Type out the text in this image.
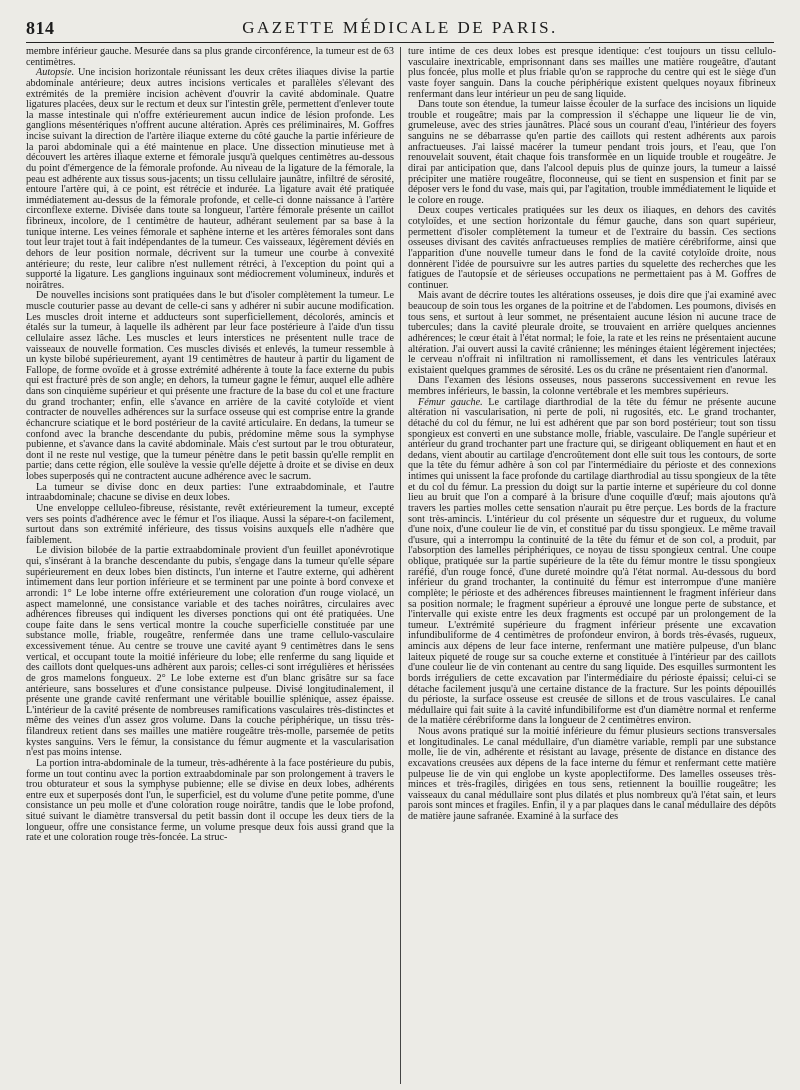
814	GAZETTE MÉDICALE DE PARIS.

membre inférieur gauche. Mesurée dans sa plus grande circonférence, la tumeur est de 63 centimètres.

Autopsie. Une incision horizontale réunissant les deux crêtes iliaques divise la partie abdominale antérieure; deux autres incisions verticales et parallèles s'élevant des extrémités de la première incision achèvent d'ouvrir la cavité abdominale. Quatre ligatures placées, deux sur le rectum et deux sur l'intestin grêle, permettent d'enlever toute la masse intestinale qui n'offre extérieurement aucun indice de lésion profonde. Les ganglions mésentériques n'offrent aucune altération. Après ces préliminaires, M. Goffres incise suivant la direction de l'artère iliaque externe du côté gauche la partie inférieure de la paroi abdominale qui a été maintenue en place. Une dissection minutieuse met à découvert les artères iliaque externe et fémorale jusqu'à quelques centimètres au-dessous du point d'émergence de la fémorale profonde. Au niveau de la ligature de la fémorale, la peau est adhérente aux tissus sous-jacents; un tissu cellulaire jaunâtre, infiltré de sérosité, entoure l'artère qui, à ce point, est rétrécie et indurée. La ligature avait été pratiquée immédiatement au-dessus de la fémorale profonde, et celle-ci donne naissance à l'artère circonflexe externe. Divisée dans toute sa longueur, l'artère fémorale présente un caillot fibrineux, incolore, de 1 centimètre de hauteur, adhérant seulement par sa base à la tunique interne. Les veines fémorale et saphène interne et les artères fémorales sont dans tout leur trajet tout à fait indépendantes de la tumeur. Ces vaisseaux, légèrement déviés en dehors de leur position normale, décrivent sur la tumeur une courbe à convexité antérieure; du reste, leur calibre n'est nullement rétréci, à l'exception du point qui a supporté la ligature. Les ganglions inguinaux sont médiocrement volumineux, indurés et noirâtres.

De nouvelles incisions sont pratiquées dans le but d'isoler complètement la tumeur. Le muscle couturier passe au devant de celle-ci sans y adhérer ni subir aucune modification. Les muscles droit interne et adducteurs sont superficiellement, décolorés, amincis et étalés sur la tumeur, à laquelle ils adhèrent par leur face postérieure à l'aide d'un tissu cellulaire assez lâche. Les muscles et leurs interstices ne présentent nulle trace de vaisseaux de nouvelle formation. Ces muscles divisés et enlevés, la tumeur ressemble à un kyste bilobé supérieurement, ayant 19 centimètres de hauteur à partir du ligament de Fallope, de forme ovoïde et à grosse extrémité adhérente à toute la face externe du pubis qui est fracturé près de son angle; en dehors, la tumeur gagne le fémur, auquel elle adhère dans son cinquième supérieur et qui présente une fracture de la base du col et une fracture du grand trochanter; enfin, elle s'avance en arrière de la cavité cotyloïde et vient contracter de nouvelles adhérences sur la surface osseuse qui est comprise entre la grande échancrure sciatique et le bord postérieur de la cavité articulaire. En dedans, la tumeur se confond avec la branche descendante du pubis, prédomine même sous la symphyse pubienne, et s'avance dans la cavité abdominale. Mais c'est surtout par le trou obturateur, dont il ne reste nul vestige, que la tumeur pénètre dans le petit bassin qu'elle remplit en partie; dans cette région, elle soulève la vessie qu'elle déjette à droite et se divise en deux lobes superposés qui ne contractent aucune adhérence avec le sacrum.

La tumeur se divise donc en deux parties: l'une extraabdominale, et l'autre intraabdominale; chacune se divise en deux lobes.

Une enveloppe celluleo-fibreuse, résistante, revêt extérieurement la tumeur, excepté vers ses points d'adhérence avec le fémur et l'os iliaque. Aussi la sépare-t-on facilement, surtout dans son extrémité inférieure, des tissus voisins auxquels elle n'adhère que faiblement.

Le division bilobée de la partie extraabdominale provient d'un feuillet aponévrotique qui, s'insérant à la branche descendante du pubis, s'engage dans la tumeur qu'elle sépare supérieurement en deux lobes bien distincts, l'un interne et l'autre externe, qui adhèrent intimement dans leur portion inférieure et se terminent par une pointe à bord convexe et arrondi: 1° Le lobe interne offre extérieurement une coloration d'un rouge violacé, un aspect mamelonné, une consistance variable et des taches noirâtres, circulaires avec adhérences fibreuses qui indiquent les diverses ponctions qui ont été pratiquées. Une coupe faite dans le sens vertical montre la couche superficielle constituée par une substance molle, friable, rougeâtre, renfermée dans une trame cellulo-vasculaire excessivement ténue. Au centre se trouve une cavité ayant 9 centimètres dans le sens vertical, et occupant toute la moitié inférieure du lobe; elle renferme du sang liquide et des caillots dont quelques-uns adhèrent aux parois; celles-ci sont irrégulières et hérissées de gros mamelons fongueux. 2° Le lobe externe est d'un blanc grisâtre sur sa face antérieure, sans bosselures et d'une consistance pulpeuse. Divisé longitudinalement, il présente une grande cavité renfermant une véritable bouillie splénique, assez épaisse. L'intérieur de la cavité présente de nombreuses ramifications vasculaires très-distinctes et même des veines d'un assez gros volume. Dans la couche périphérique, un tissu très-filandreux retient dans ses mailles une matière rougeâtre très-molle, parsemée de petits kystes sanguins. Vers le fémur, la consistance du fémur augmente et la vascularisation n'est pas moins intense.

La portion intra-abdominale de la tumeur, très-adhérente à la face postérieure du pubis, forme un tout continu avec la portion extraabdominale par son prolongement à travers le trou obturateur et sous la symphyse pubienne; elle se divise en deux lobes, adhérents entre eux et superposés dont l'un, le superficiel, est du volume d'une petite pomme, d'une consistance un peu molle et d'une coloration rouge noirâtre, tandis que le lobe profond, situé suivant le diamètre transversal du petit bassin dont il occupe les deux tiers de la longueur, offre une consistance ferme, un volume presque deux fois aussi grand que la rate et une coloration rouge très-foncée. La struc-

ture intime de ces deux lobes est presque identique: c'est toujours un tissu cellulo-vasculaire inextricable, emprisonnant dans ses mailles une matière rougeâtre, d'autant plus foncée, plus molle et plus friable qu'on se rapproche du centre qui est le siège d'un vaste foyer sanguin. Dans la couche périphérique existent quelques noyaux fibrineux renfermant dans leur intérieur un peu de sang liquide.

Dans toute son étendue, la tumeur laisse écouler de la surface des incisions un liquide trouble et rougeâtre; mais par la compression il s'échappe une liqueur lie de vin, grumeleuse, avec des stries jaunâtres. Placé sous un courant d'eau, l'intérieur des foyers sanguins ne se débarrasse qu'en partie des caillots qui restent adhérents aux parois anfractueuses. J'ai laissé macérer la tumeur pendant trois jours, et l'eau, que l'on renouvelait souvent, était chaque fois transformée en un liquide trouble et rougeâtre. Je dirai par anticipation que, dans l'alcool depuis plus de quinze jours, la tumeur a laissé précipiter une matière rougeâtre, floconneuse, qui se tient en suspension et finit par se déposer vers le fond du vase, mais qui, par l'agitation, trouble immédiatement le liquide et le colore en rouge.

Deux coupes verticales pratiquées sur les deux os iliaques, en dehors des cavités cotyloïdes, et une section horizontale du fémur gauche, dans son quart supérieur, permettent d'isoler complètement la tumeur et de l'extraire du bassin. Ces sections osseuses divisant des cavités anfractueuses remplies de matière cérébriforme, ainsi que l'apparition d'une nouvelle tumeur dans le fond de la cavité cotyloïde droite, nous donnèrent l'idée de poursuivre sur les autres parties du squelette des recherches que les fatigues de l'autopsie et de sérieuses occupations ne permettaient pas à M. Goffres de continuer.

Mais avant de décrire toutes les altérations osseuses, je dois dire que j'ai examiné avec beaucoup de soin tous les organes de la poitrine et de l'abdomen. Les poumons, divisés en tous sens, et surtout à leur sommet, ne présentaient aucune lésion ni aucune trace de tubercules; dans la cavité pleurale droite, se trouvaient en arrière quelques anciennes adhérences; le cœur était à l'état normal; le foie, la rate et les reins ne présentaient aucune altération. J'ai ouvert aussi la cavité crânienne; les méninges étaient légèrement injectées; le cerveau n'offrait ni infiltration ni ramollissement, et dans les ventricules latéraux existaient quelques grammes de sérosité. Les os du crâne ne présentaient rien d'anormal.

Dans l'examen des lésions osseuses, nous passerons successivement en revue les membres inférieurs, le bassin, la colonne vertébrale et les membres supérieurs.

Fémur gauche. Le cartilage diarthrodial de la tête du fémur ne présente aucune altération ni vascularisation, ni perte de poli, ni rugosités, etc. Le grand trochanter, détaché du col du fémur, ne lui est adhérent que par son bord postérieur; tout son tissu spongieux est converti en une substance molle, friable, vasculaire. De l'angle supérieur et antérieur du grand trochanter part une fracture qui, se dirigeant obliquement en haut et en dedans, vient aboutir au cartilage d'encroûtement dont elle suit tous les contours, de sorte que la tête du fémur adhère à son col par l'intermédiaire du périoste et des connexions intimes qui unissent la face profonde du cartilage diarthrodial au tissu spongieux de la tête et du col du fémur. La pression du doigt sur la partie interne et supérieure du col donne lieu au bruit que l'on a comparé à la brisure d'une coquille d'œuf; mais ajoutons qu'à travers les parties molles cette sensation n'aurait pu être perçue. Les bords de la fracture sont très-amincis. L'intérieur du col présente un séquestre dur et rugueux, du volume d'une noix, d'une couleur lie de vin, et constitué par du tissu spongieux. Le même travail d'usure, qui a interrompu la continuité de la tête du fémur et de son col, a produit, par l'absorption des lamelles périphériques, ce noyau de tissu spongieux central. Une coupe oblique, pratiquée sur la partie supérieure de la tête du fémur montre le tissu spongieux raréfié, d'un rouge foncé, d'une dureté moindre qu'à l'état normal. Au-dessous du bord inférieur du grand trochanter, la continuité du fémur est interrompue d'une manière complète; le périoste et des adhérences fibreuses maintiennent le fragment inférieur dans sa position normale; le fragment supérieur a éprouvé une longue perte de substance, et l'intervalle qui existe entre les deux fragments est occupé par un prolongement de la tumeur. L'extrémité supérieure du fragment inférieur présente une excavation infundibuliforme de 4 centimètres de profondeur environ, à bords très-évasés, rugueux, amincis aux dépens de leur face interne, renfermant une matière pulpeuse, d'un blanc laiteux piqueté de rouge sur sa couche externe et constituée à l'intérieur par des caillots d'une couleur lie de vin contenant au centre du sang liquide. Des esquilles surmontent les bords irréguliers de cette excavation par l'intermédiaire du périoste épaissi; celui-ci se détache facilement jusqu'à une certaine distance de la fracture. Sur les points dépouillés du périoste, la surface osseuse est creusée de sillons et de trous vasculaires. Le canal médullaire qui fait suite à la cavité infundibiliforme est d'un diamètre normal et renferme de la matière cérébriforme dans la longueur de 2 centimètres environ.

Nous avons pratiqué sur la moitié inférieure du fémur plusieurs sections transversales et longitudinales. Le canal médullaire, d'un diamètre variable, rempli par une substance molle, lie de vin, adhérente et résistant au lavage, présente de distance en distance des excavations creusées aux dépens de la face interne du fémur et renfermant cette matière pulpeuse lie de vin qui englobe un kyste apoplectiforme. Des lamelles osseuses très-minces et très-fragiles, dirigées en tous sens, retiennent la bouillie rougeâtre; les vaisseaux du canal médullaire sont plus dilatés et plus nombreux qu'à l'état sain, et leurs parois sont minces et fragiles. Enfin, il y a par plaques dans le canal médullaire des dépôts de matière jaune safranée. Examiné à la surface des
